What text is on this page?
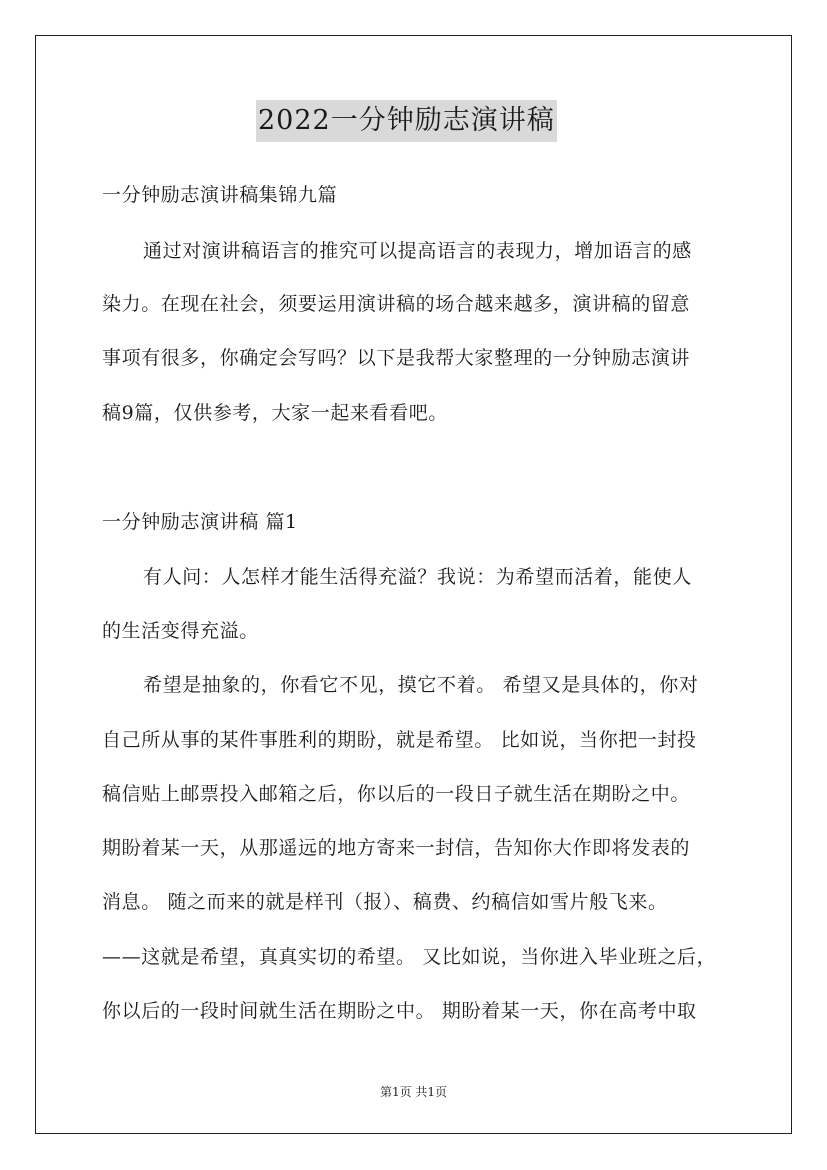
2022一分钟励志演讲稿
一分钟励志演讲稿集锦九篇
通过对演讲稿语言的推究可以提高语言的表现力，增加语言的感
染力。在现在社会，须要运用演讲稿的场合越来越多，演讲稿的留意
事项有很多，你确定会写吗？以下是我帮大家整理的一分钟励志演讲
稿9篇，仅供参考，大家一起来看看吧。
一分钟励志演讲稿 篇1
有人问：人怎样才能生活得充溢？我说：为希望而活着，能使人
的生活变得充溢。
希望是抽象的，你看它不见，摸它不着。 希望又是具体的，你对
自己所从事的某件事胜利的期盼，就是希望。 比如说，当你把一封投
稿信贴上邮票投入邮箱之后，你以后的一段日子就生活在期盼之中。
期盼着某一天，从那遥远的地方寄来一封信，告知你大作即将发表的
消息。 随之而来的就是样刊（报）、稿费、约稿信如雪片般飞来。
——这就是希望，真真实切的希望。 又比如说，当你进入毕业班之后，
你以后的一段时间就生活在期盼之中。 期盼着某一天，你在高考中取
第1页 共1页
